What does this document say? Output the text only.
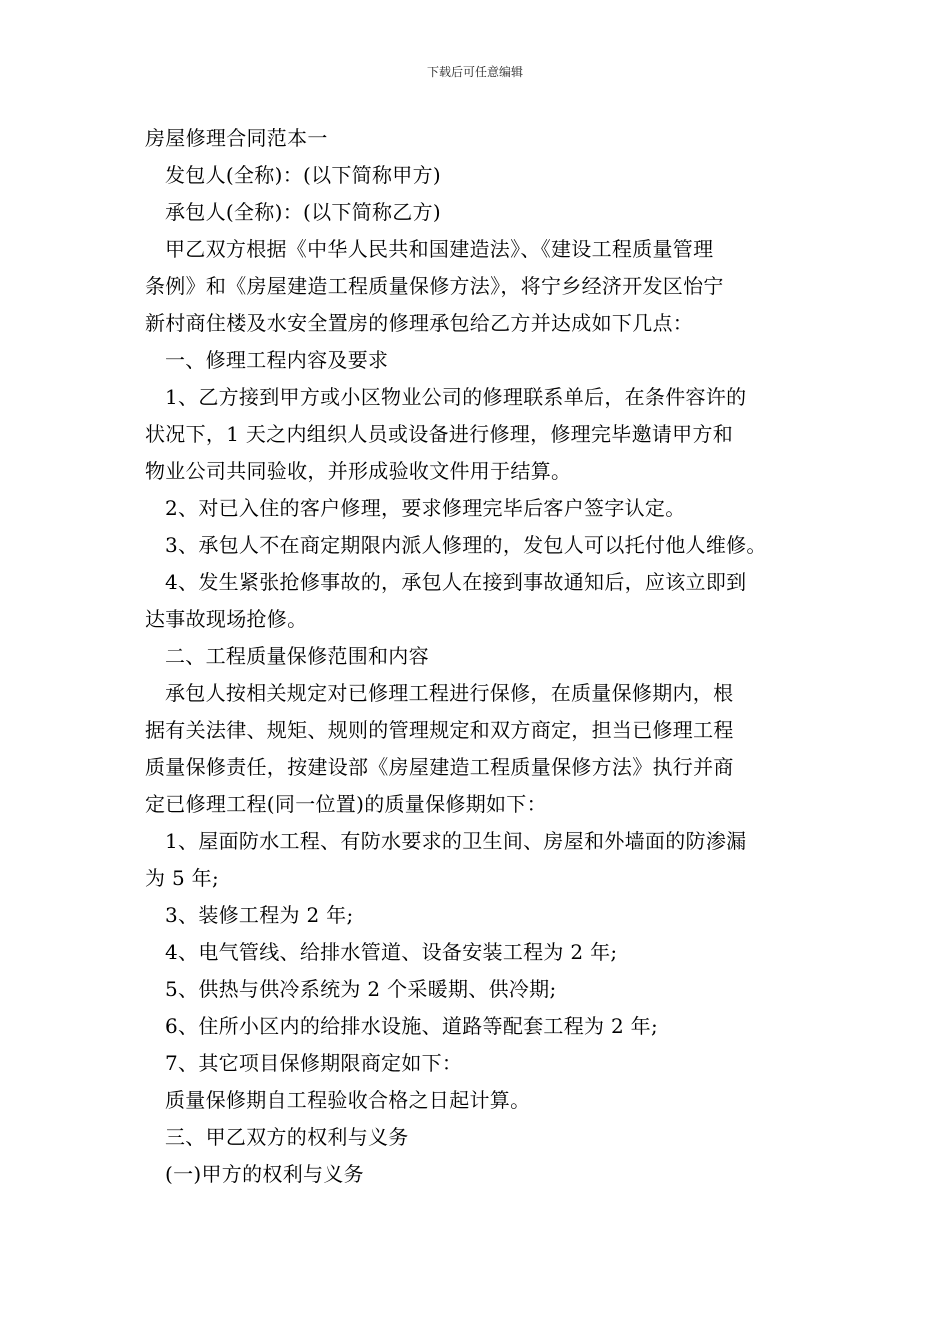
下载后可任意编辑
房屋修理合同范本一
发包人(全称)：(以下简称甲方)
承包人(全称)：(以下简称乙方)
甲乙双方根据《中华人民共和国建造法》、《建设工程质量管理
条例》和《房屋建造工程质量保修方法》，将宁乡经济开发区怡宁
新村商住楼及水安全置房的修理承包给乙方并达成如下几点：
一、修理工程内容及要求
1、乙方接到甲方或小区物业公司的修理联系单后，在条件容许的
状况下，1 天之内组织人员或设备进行修理，修理完毕邀请甲方和
物业公司共同验收，并形成验收文件用于结算。
2、对已入住的客户修理，要求修理完毕后客户签字认定。
3、承包人不在商定期限内派人修理的，发包人可以托付他人维修。
4、发生紧张抢修事故的，承包人在接到事故通知后，应该立即到
达事故现场抢修。
二、工程质量保修范围和内容
承包人按相关规定对已修理工程进行保修，在质量保修期内，根
据有关法律、规矩、规则的管理规定和双方商定，担当已修理工程
质量保修责任，按建设部《房屋建造工程质量保修方法》执行并商
定已修理工程(同一位置)的质量保修期如下：
1、屋面防水工程、有防水要求的卫生间、房屋和外墙面的防渗漏
为 5 年;
3、装修工程为 2 年;
4、电气管线、给排水管道、设备安装工程为 2 年;
5、供热与供冷系统为 2 个采暖期、供冷期;
6、住所小区内的给排水设施、道路等配套工程为 2 年;
7、其它项目保修期限商定如下：
质量保修期自工程验收合格之日起计算。
三、甲乙双方的权利与义务
(一)甲方的权利与义务
